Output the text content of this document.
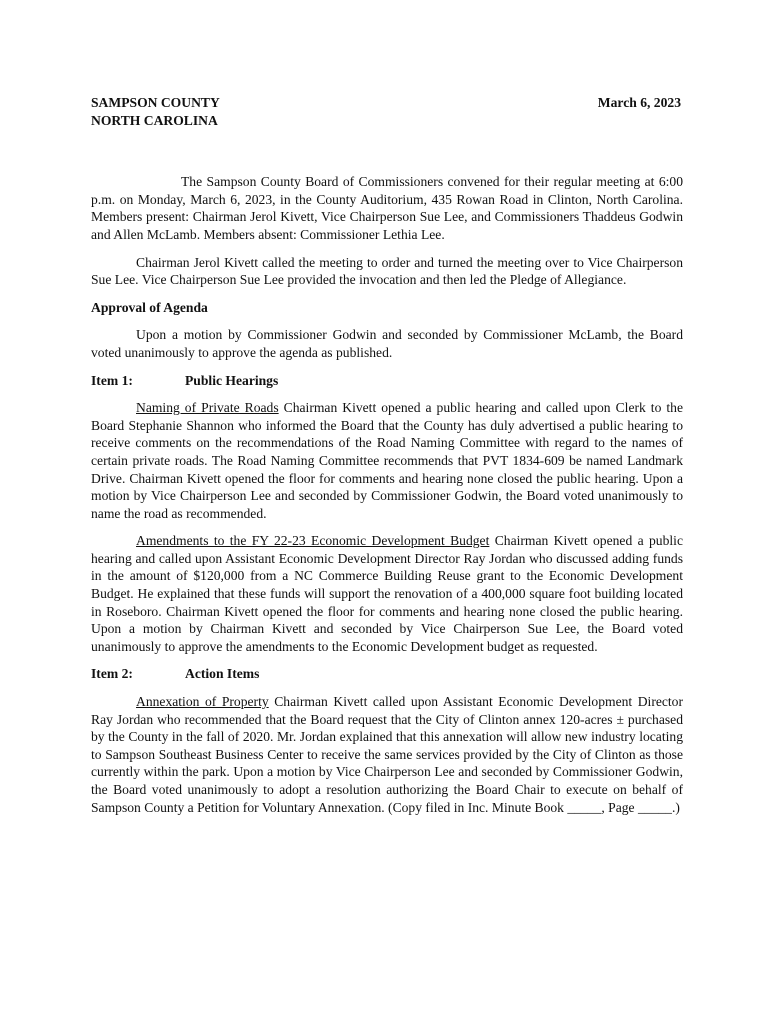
SAMPSON COUNTY
NORTH CAROLINA
March 6, 2023

The Sampson County Board of Commissioners convened for their regular meeting at 6:00 p.m. on Monday, March 6, 2023, in the County Auditorium, 435 Rowan Road in Clinton, North Carolina. Members present: Chairman Jerol Kivett, Vice Chairperson Sue Lee, and Commissioners Thaddeus Godwin and Allen McLamb. Members absent: Commissioner Lethia Lee.

Chairman Jerol Kivett called the meeting to order and turned the meeting over to Vice Chairperson Sue Lee. Vice Chairperson Sue Lee provided the invocation and then led the Pledge of Allegiance.

Approval of Agenda

Upon a motion by Commissioner Godwin and seconded by Commissioner McLamb, the Board voted unanimously to approve the agenda as published.

Item 1:	Public Hearings

Naming of Private Roads Chairman Kivett opened a public hearing and called upon Clerk to the Board Stephanie Shannon who informed the Board that the County has duly advertised a public hearing to receive comments on the recommendations of the Road Naming Committee with regard to the names of certain private roads. The Road Naming Committee recommends that PVT 1834-609 be named Landmark Drive. Chairman Kivett opened the floor for comments and hearing none closed the public hearing. Upon a motion by Vice Chairperson Lee and seconded by Commissioner Godwin, the Board voted unanimously to name the road as recommended.

Amendments to the FY 22-23 Economic Development Budget Chairman Kivett opened a public hearing and called upon Assistant Economic Development Director Ray Jordan who discussed adding funds in the amount of $120,000 from a NC Commerce Building Reuse grant to the Economic Development Budget. He explained that these funds will support the renovation of a 400,000 square foot building located in Roseboro. Chairman Kivett opened the floor for comments and hearing none closed the public hearing. Upon a motion by Chairman Kivett and seconded by Vice Chairperson Sue Lee, the Board voted unanimously to approve the amendments to the Economic Development budget as requested.

Item 2:	Action Items

Annexation of Property Chairman Kivett called upon Assistant Economic Development Director Ray Jordan who recommended that the Board request that the City of Clinton annex 120-acres ± purchased by the County in the fall of 2020. Mr. Jordan explained that this annexation will allow new industry locating to Sampson Southeast Business Center to receive the same services provided by the City of Clinton as those currently within the park. Upon a motion by Vice Chairperson Lee and seconded by Commissioner Godwin, the Board voted unanimously to adopt a resolution authorizing the Board Chair to execute on behalf of Sampson County a Petition for Voluntary Annexation. (Copy filed in Inc. Minute Book _____, Page _____.)
